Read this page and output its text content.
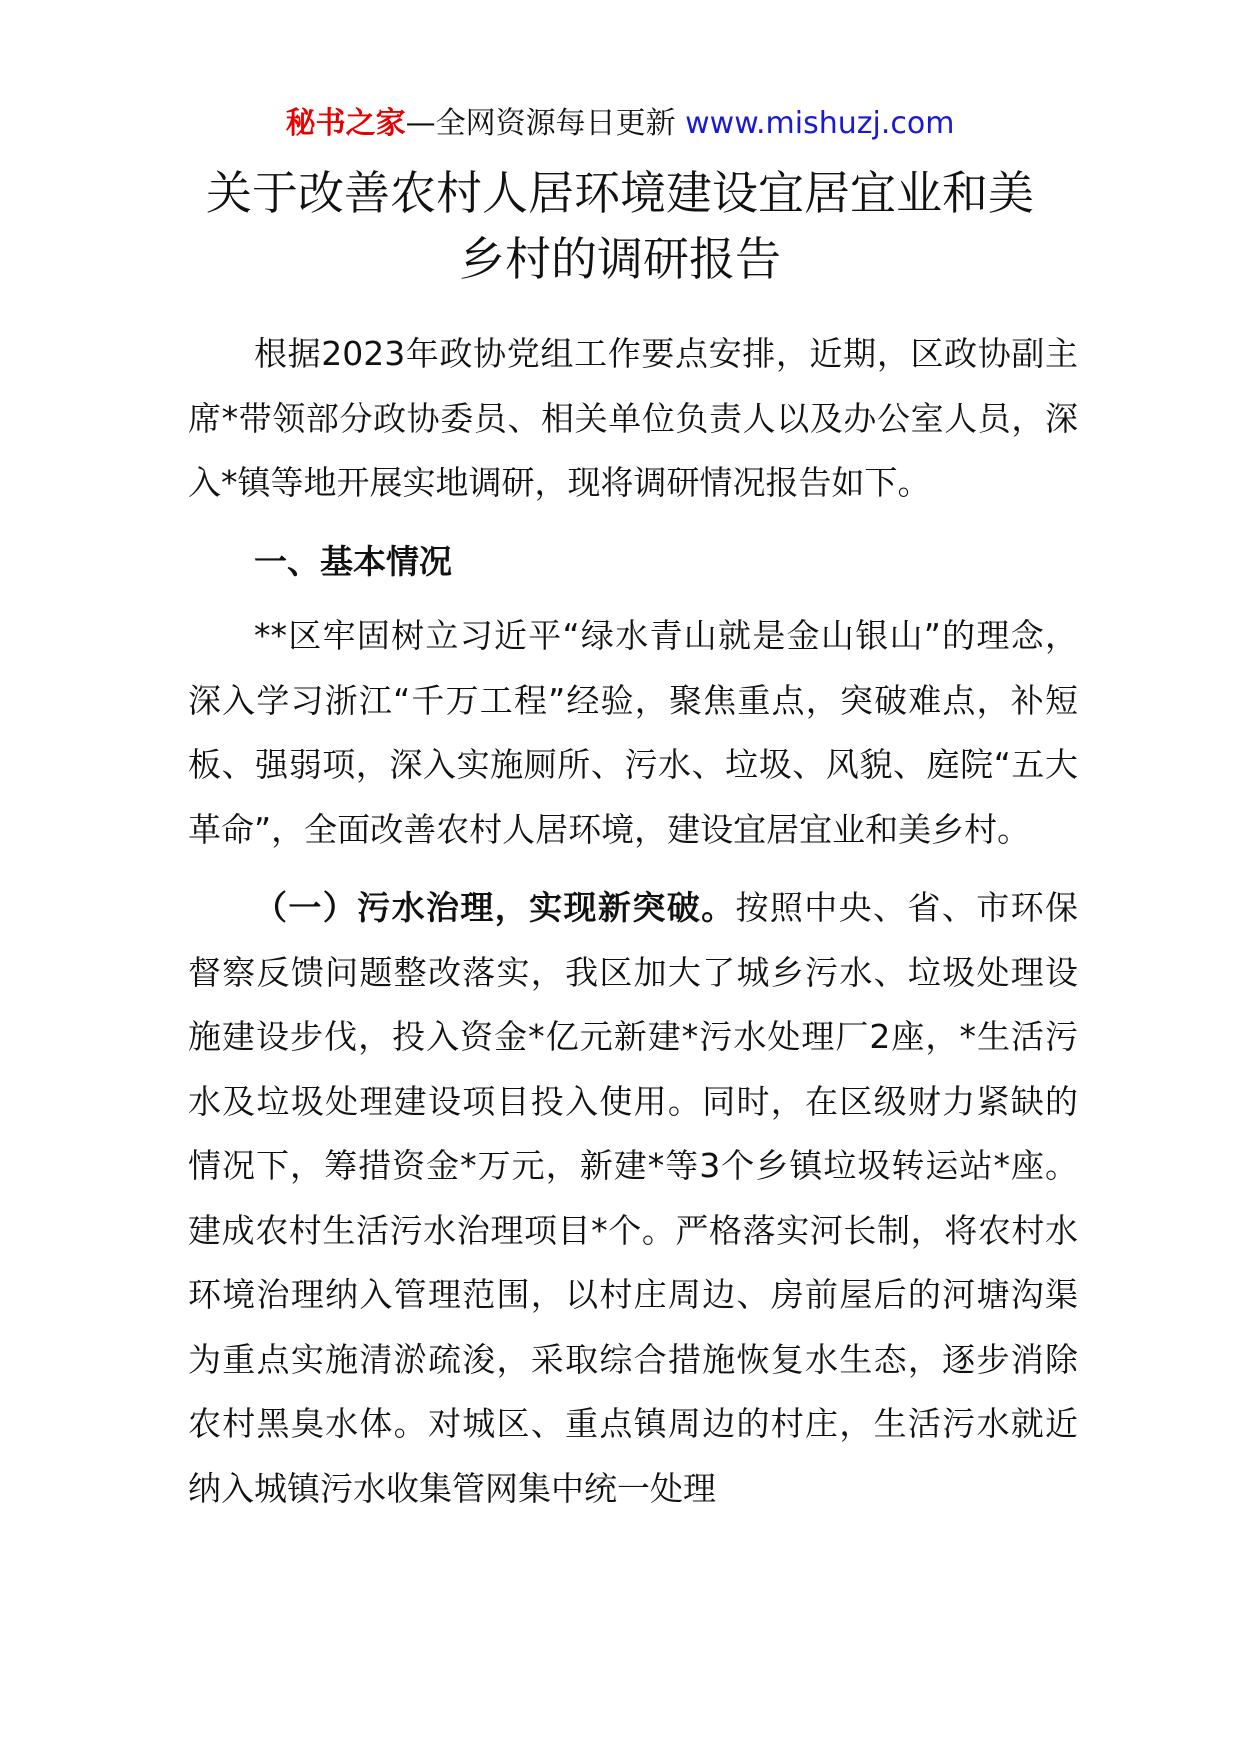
秘书之家—全网资源每日更新 www.mishuzj.com
关于改善农村人居环境建设宜居宜业和美
乡村的调研报告

根据2023年政协党组工作要点安排，近期，区政协副主席*带领部分政协委员、相关单位负责人以及办公室人员，深入*镇等地开展实地调研，现将调研情况报告如下。

一、基本情况

**区牢固树立习近平“绿水青山就是金山银山”的理念，深入学习浙江“千万工程”经验，聚焦重点，突破难点，补短板、强弱项，深入实施厕所、污水、垃圾、风貌、庭院“五大革命”，全面改善农村人居环境，建设宜居宜业和美乡村。

（一）污水治理，实现新突破。按照中央、省、市环保督察反馈问题整改落实，我区加大了城乡污水、垃圾处理设施建设步伐，投入资金*亿元新建*污水处理厂2座，*生活污水及垃圾处理建设项目投入使用。同时，在区级财力紧缺的情况下，筹措资金*万元，新建*等3个乡镇垃圾转运站*座。建成农村生活污水治理项目*个。严格落实河长制，将农村水环境治理纳入管理范围，以村庄周边、房前屋后的河塘沟渠为重点实施清淤疏浚，采取综合措施恢复水生态，逐步消除农村黑臭水体。对城区、重点镇周边的村庄，生活污水就近纳入城镇污水收集管网集中统一处理
